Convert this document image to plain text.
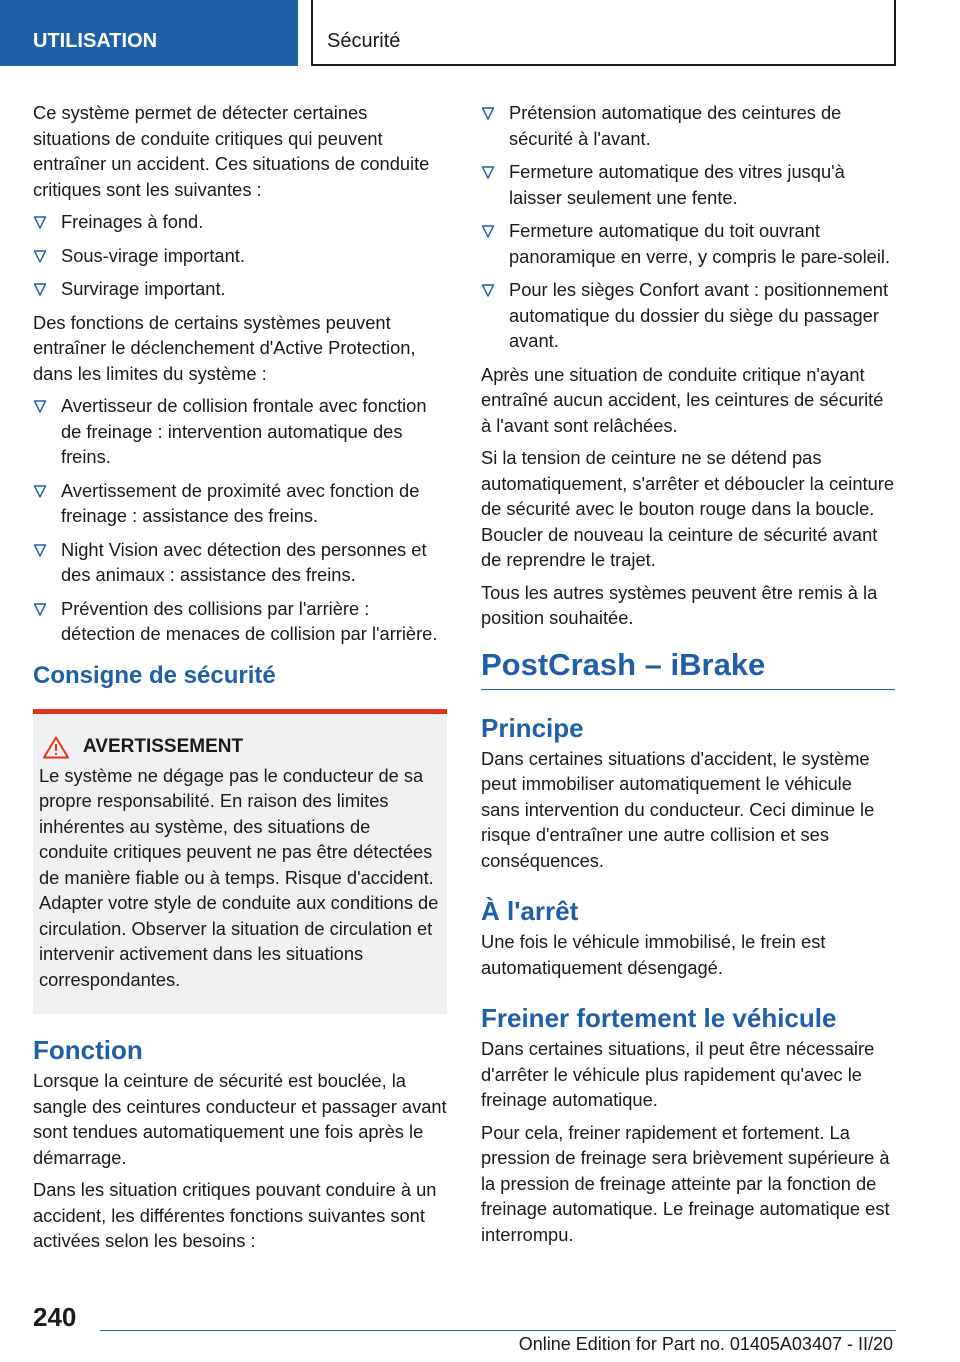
UTILISATION	Sécurité

Ce système permet de détecter certaines situations de conduite critiques qui peuvent entraîner un accident. Ces situations de conduite critiques sont les suivantes :

Freinages à fond.
Sous-virage important.
Survirage important.

Des fonctions de certains systèmes peuvent entraîner le déclenchement d'Active Protection, dans les limites du système :

Avertisseur de collision frontale avec fonction de freinage : intervention automatique des freins.
Avertissement de proximité avec fonction de freinage : assistance des freins.
Night Vision avec détection des personnes et des animaux : assistance des freins.
Prévention des collisions par l'arrière : détection de menaces de collision par l'arrière.
Consigne de sécurité
AVERTISSEMENT
Le système ne dégage pas le conducteur de sa propre responsabilité. En raison des limites inhérentes au système, des situations de conduite critiques peuvent ne pas être détectées de manière fiable ou à temps. Risque d'accident. Adapter votre style de conduite aux conditions de circulation. Observer la situation de circulation et intervenir activement dans les situations correspondantes.
Fonction

Lorsque la ceinture de sécurité est bouclée, la sangle des ceintures conducteur et passager avant sont tendues automatiquement une fois après le démarrage.

Dans les situation critiques pouvant conduire à un accident, les différentes fonctions suivantes sont activées selon les besoins :

Prétension automatique des ceintures de sécurité à l'avant.
Fermeture automatique des vitres jusqu'à laisser seulement une fente.
Fermeture automatique du toit ouvrant panoramique en verre, y compris le pare-soleil.
Pour les sièges Confort avant : positionnement automatique du dossier du siège du passager avant.

Après une situation de conduite critique n'ayant entraîné aucun accident, les ceintures de sécurité à l'avant sont relâchées.

Si la tension de ceinture ne se détend pas automatiquement, s'arrêter et déboucler la ceinture de sécurité avec le bouton rouge dans la boucle. Boucler de nouveau la ceinture de sécurité avant de reprendre le trajet.

Tous les autres systèmes peuvent être remis à la position souhaitée.

PostCrash – iBrake
Principe

Dans certaines situations d'accident, le système peut immobiliser automatiquement le véhicule sans intervention du conducteur. Ceci diminue le risque d'entraîner une autre collision et ses conséquences.

À l'arrêt

Une fois le véhicule immobilisé, le frein est automatiquement désengagé.

Freiner fortement le véhicule

Dans certaines situations, il peut être nécessaire d'arrêter le véhicule plus rapidement qu'avec le freinage automatique.

Pour cela, freiner rapidement et fortement. La pression de freinage sera brièvement supérieure à la pression de freinage atteinte par la fonction de freinage automatique. Le freinage automatique est interrompu.

240
Online Edition for Part no. 01405A03407 - II/20
